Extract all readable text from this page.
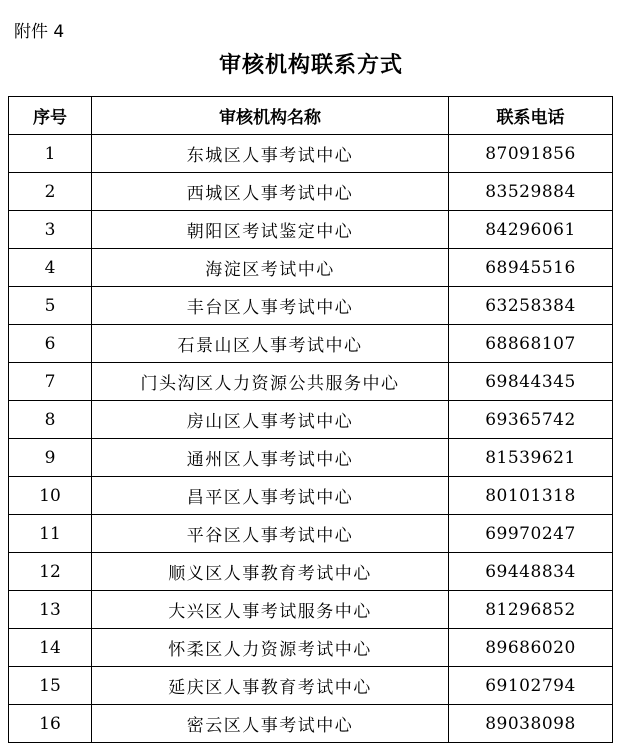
附件 4
审核机构联系方式
序号	审核机构名称	联系电话
1	东城区人事考试中心	87091856
2	西城区人事考试中心	83529884
3	朝阳区考试鉴定中心	84296061
4	海淀区考试中心	68945516
5	丰台区人事考试中心	63258384
6	石景山区人事考试中心	68868107
7	门头沟区人力资源公共服务中心	69844345
8	房山区人事考试中心	69365742
9	通州区人事考试中心	81539621
10	昌平区人事考试中心	80101318
11	平谷区人事考试中心	69970247
12	顺义区人事教育考试中心	69448834
13	大兴区人事考试服务中心	81296852
14	怀柔区人力资源考试中心	89686020
15	延庆区人事教育考试中心	69102794
16	密云区人事考试中心	89038098
